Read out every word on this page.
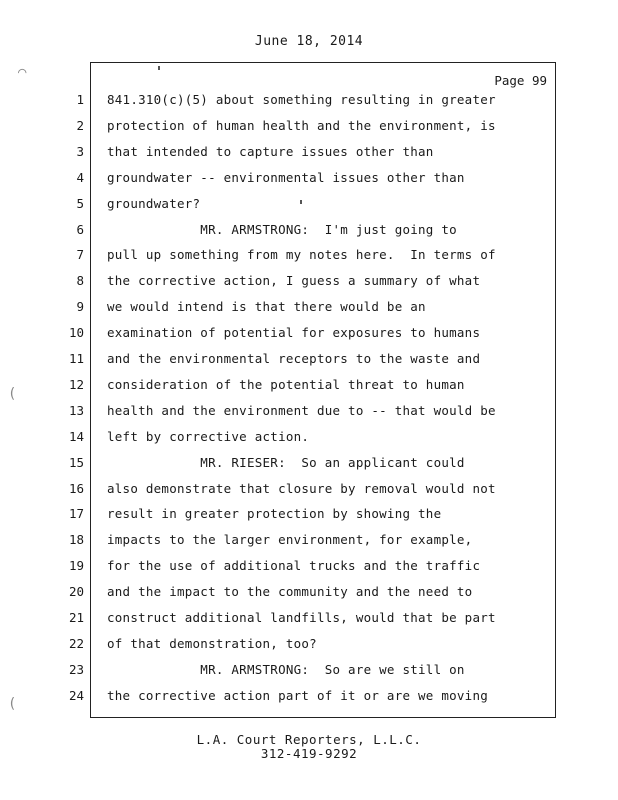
June 18, 2014
Page 99
1
2
3
4
5
6
7
8
9
10
11
12
13
14
15
16
17
18
19
20
21
22
23
24
841.310(c)(5) about something resulting in greater
protection of human health and the environment, is
that intended to capture issues other than
groundwater -- environmental issues other than
groundwater?
MR. ARMSTRONG:  I'm just going to
pull up something from my notes here.  In terms of
the corrective action, I guess a summary of what
we would intend is that there would be an
examination of potential for exposures to humans
and the environmental receptors to the waste and
consideration of the potential threat to human
health and the environment due to -- that would be
left by corrective action.
MR. RIESER:  So an applicant could
also demonstrate that closure by removal would not
result in greater protection by showing the
impacts to the larger environment, for example,
for the use of additional trucks and the traffic
and the impact to the community and the need to
construct additional landfills, would that be part
of that demonstration, too?
MR. ARMSTRONG:  So are we still on
the corrective action part of it or are we moving
L.A. Court Reporters, L.L.C.
312-419-9292
⌒
(
(
